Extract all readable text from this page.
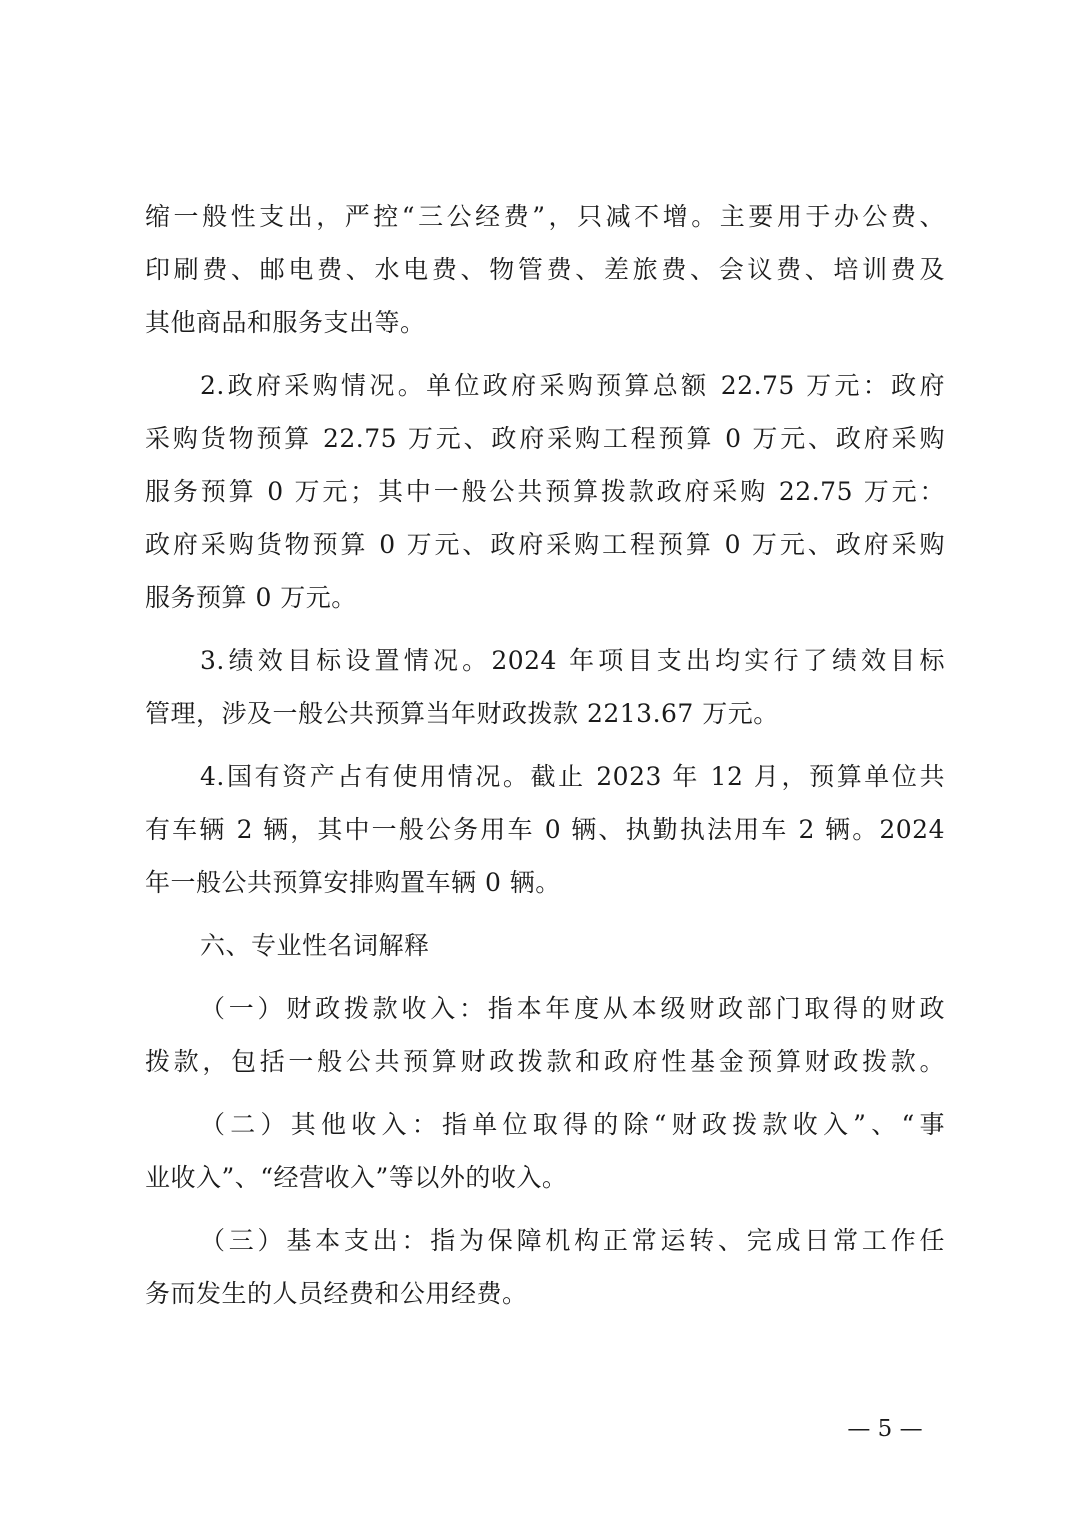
缩一般性支出，严控“三公经费”，只减不增。主要用于办公费、
印刷费、邮电费、水电费、物管费、差旅费、会议费、培训费及
其他商品和服务支出等。
2.政府采购情况。单位政府采购预算总额 22.75 万元：政府
采购货物预算 22.75 万元、政府采购工程预算 0 万元、政府采购
服务预算 0 万元；其中一般公共预算拨款政府采购 22.75 万元：
政府采购货物预算 0 万元、政府采购工程预算 0 万元、政府采购
服务预算 0 万元。
3.绩效目标设置情况。2024 年项目支出均实行了绩效目标
管理，涉及一般公共预算当年财政拨款 2213.67 万元。
4.国有资产占有使用情况。截止 2023 年 12 月，预算单位共
有车辆 2 辆，其中一般公务用车 0 辆、执勤执法用车 2 辆。2024
年一般公共预算安排购置车辆 0 辆。
六、专业性名词解释
（一）财政拨款收入：指本年度从本级财政部门取得的财政
拨款，包括一般公共预算财政拨款和政府性基金预算财政拨款。
（二）其他收入：指单位取得的除“财政拨款收入”、“事
业收入”、“经营收入”等以外的收入。
（三）基本支出：指为保障机构正常运转、完成日常工作任
务而发生的人员经费和公用经费。
— 5 —
